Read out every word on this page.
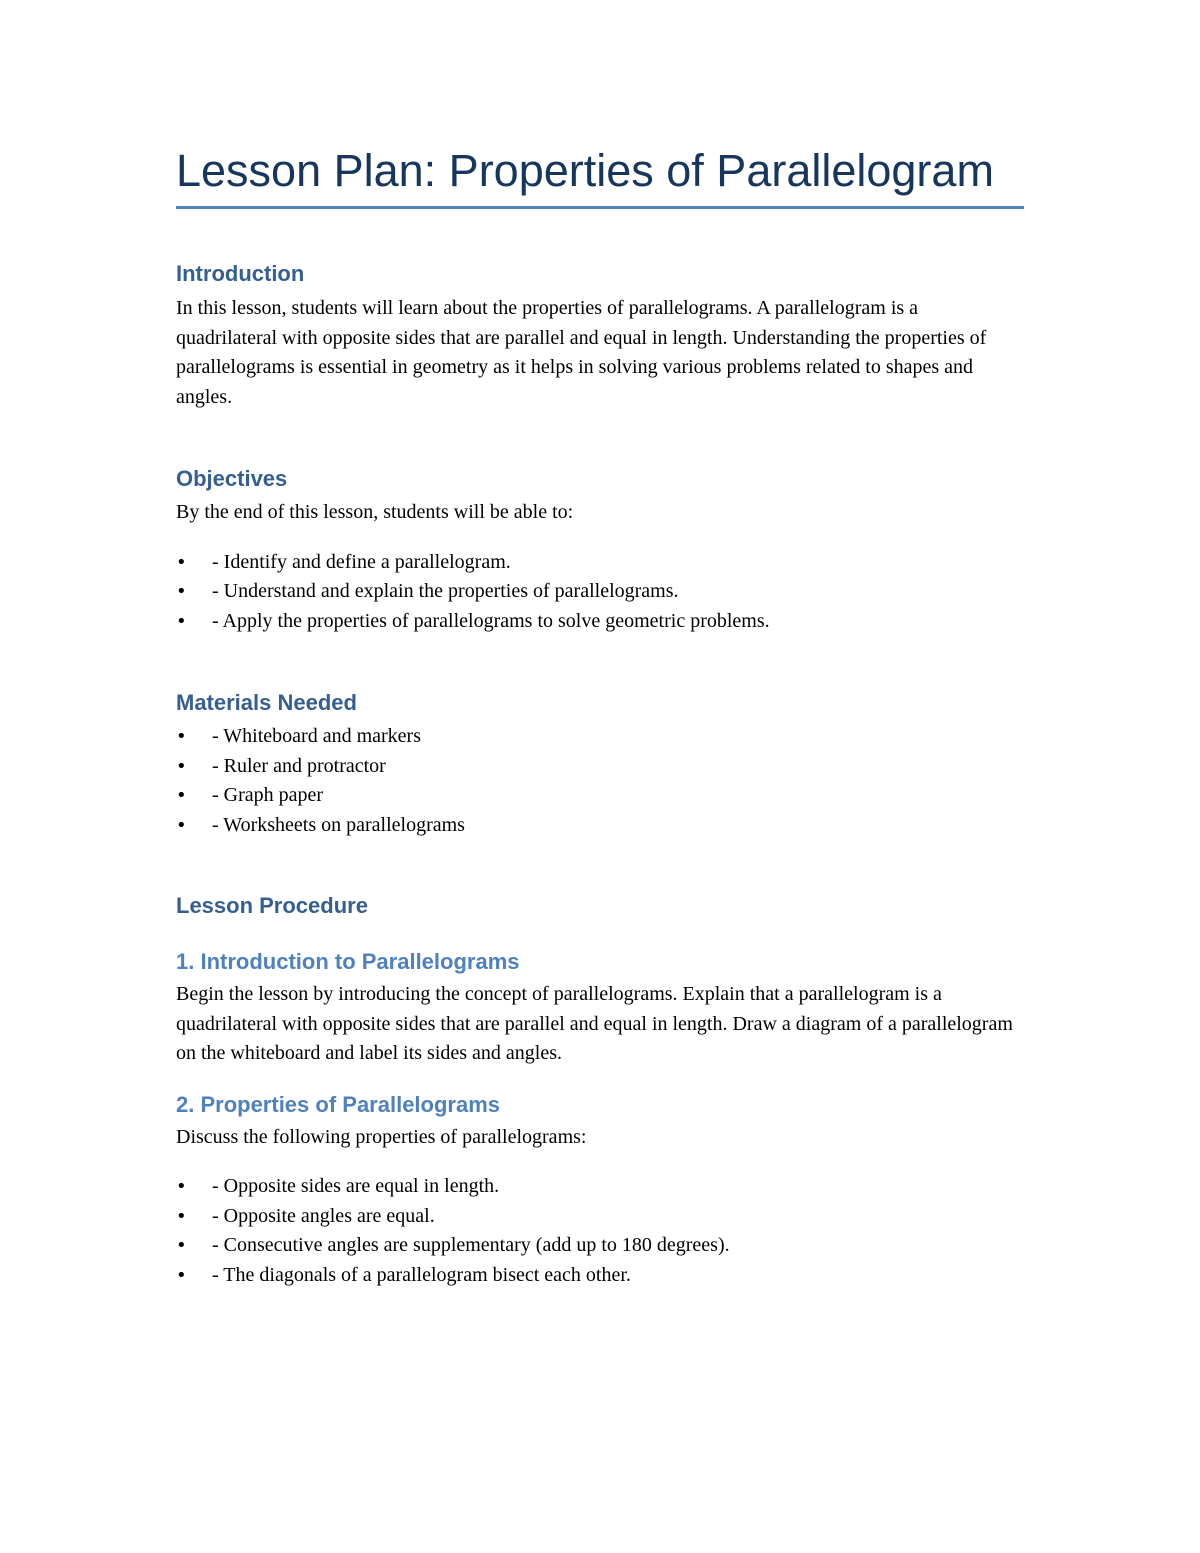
Lesson Plan: Properties of Parallelogram
Introduction

In this lesson, students will learn about the properties of parallelograms. A parallelogram is a quadrilateral with opposite sides that are parallel and equal in length. Understanding the properties of parallelograms is essential in geometry as it helps in solving various problems related to shapes and angles.

Objectives

By the end of this lesson, students will be able to:

• - Identify and define a parallelogram.
• - Understand and explain the properties of parallelograms.
• - Apply the properties of parallelograms to solve geometric problems.
Materials Needed
• - Whiteboard and markers
• - Ruler and protractor
• - Graph paper
• - Worksheets on parallelograms
Lesson Procedure
1. Introduction to Parallelograms

Begin the lesson by introducing the concept of parallelograms. Explain that a parallelogram is a quadrilateral with opposite sides that are parallel and equal in length. Draw a diagram of a parallelogram on the whiteboard and label its sides and angles.

2. Properties of Parallelograms

Discuss the following properties of parallelograms:

• - Opposite sides are equal in length.
• - Opposite angles are equal.
• - Consecutive angles are supplementary (add up to 180 degrees).
• - The diagonals of a parallelogram bisect each other.
